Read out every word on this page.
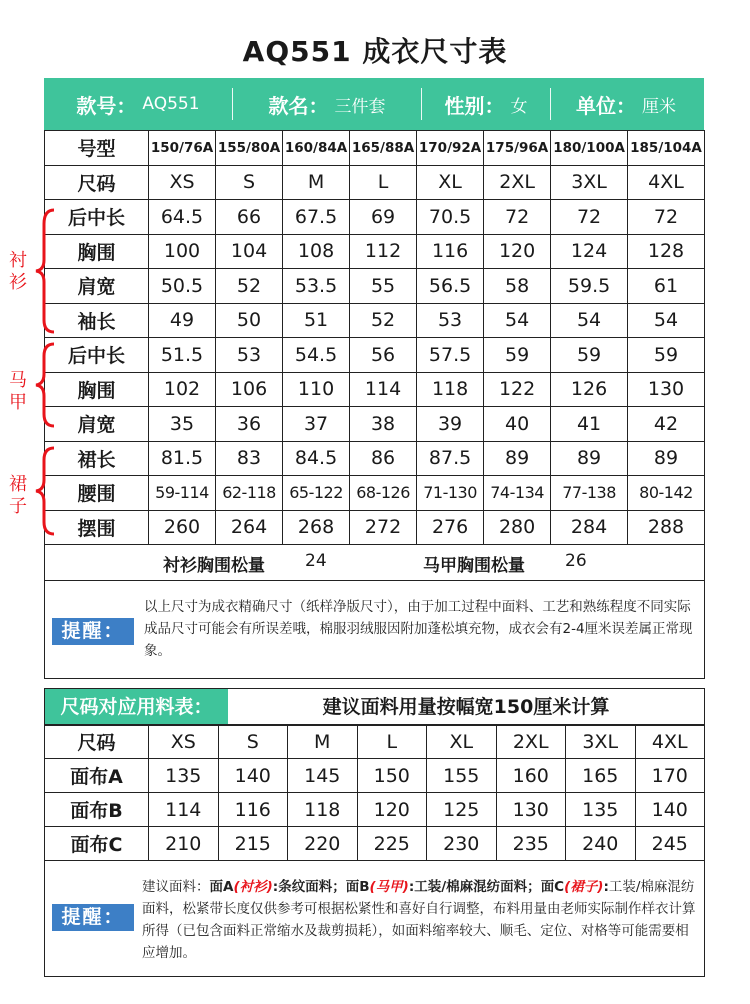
AQ551 成衣尺寸表
款号： AQ551	款名： 三件套	性别： 女 单位： 厘米
号型	150/76A	155/80A	160/84A	165/88A	170/92A	175/96A	180/100A	185/104A
尺码	XS	S	M	L	XL	2XL	3XL	4XL
后中长	64.5	66	67.5	69	70.5	72	72	72
胸围	100	104	108	112	116	120	124	128
肩宽	50.5	52	53.5	55	56.5	58	59.5	61
袖长	49	50	51	52	53	54	54	54
后中长	51.5	53	54.5	56	57.5	59	59	59
胸围	102	106	110	114	118	122	126	130
肩宽	35	36	37	38	39	40	41	42
裙长	81.5	83	84.5	86	87.5	89	89	89
腰围	59-114	62-118	65-122	68-126	71-130	74-134	77-138	80-142
摆围	260	264	268	272	276	280	284	288
衬衫
马甲
裙子
衬衫胸围松量 24	马甲胸围松量 26
提醒：
以上尺寸为成衣精确尺寸（纸样净版尺寸），由于加工过程中面料、工艺和熟练程度不同实际成品尺寸可能会有所误差哦，棉服羽绒服因附加蓬松填充物，成衣会有2-4厘米误差属正常现象。
尺码对应用料表：	建议面料用量按幅宽150厘米计算
尺码	XS	S	M	L	XL	2XL	3XL	4XL
面布A	135	140	145	150	155	160	165	170
面布B	114	116	118	120	125	130	135	140
面布C	210	215	220	225	230	235	240	245
提醒：
建议面料：面A(衬衫):条纹面料；面B(马甲):工装/棉麻混纺面料；面C(裙子):工装/棉麻混纺面料，松紧带长度仅供参考可根据松紧性和喜好自行调整，布料用量由老师实际制作样衣计算所得（已包含面料正常缩水及裁剪损耗），如面料缩率较大、顺毛、定位、对格等可能需要相应增加。
